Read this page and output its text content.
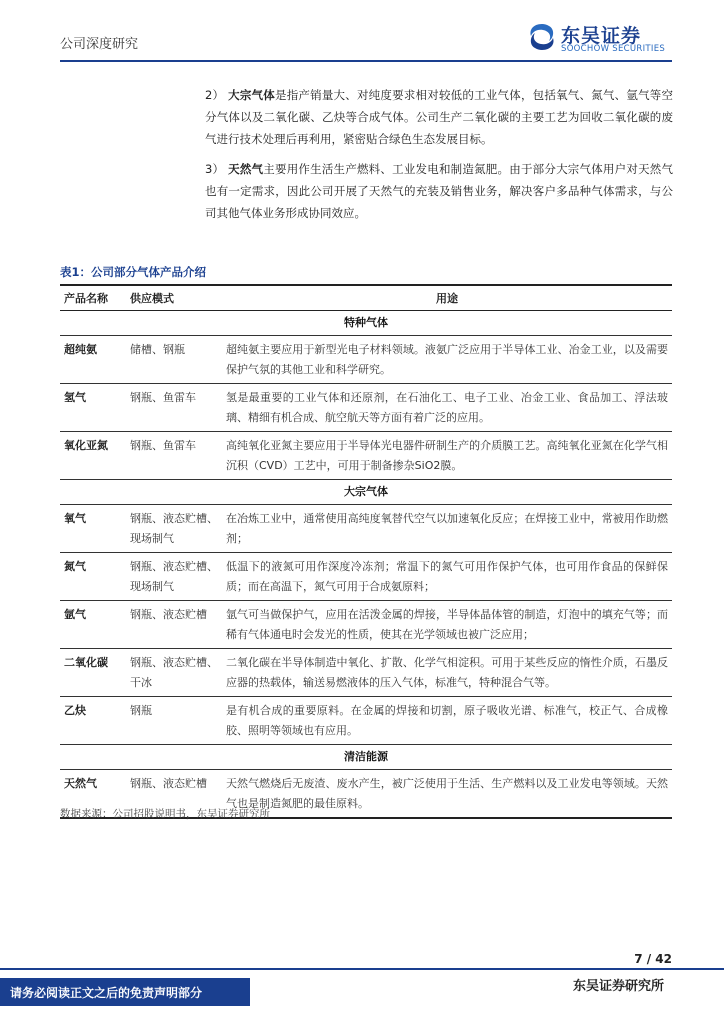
公司深度研究	SCS 东吴证券
SOOCHOW SECURITIES
2） 大宗气体是指产销量大、对纯度要求相对较低的工业气体，包括氧气、氮气、氩气等空分气体以及二氧化碳、乙炔等合成气体。公司生产二氧化碳的主要工艺为回收二氧化碳的废气进行技术处理后再利用，紧密贴合绿色生态发展目标。
3） 天然气主要用作生活生产燃料、工业发电和制造氮肥。由于部分大宗气体用户对天然气也有一定需求，因此公司开展了天然气的充装及销售业务，解决客户多品种气体需求，与公司其他气体业务形成协同效应。
表1：公司部分气体产品介绍
产品名称	供应模式	用途
特种气体		
超纯氨	储槽、钢瓶	超纯氨主要应用于新型光电子材料领域。液氨广泛应用于半导体工业、冶金工业，以及需要保护气氛的其他工业和科学研究。
氢气	钢瓶、鱼雷车	氢是最重要的工业气体和还原剂，在石油化工、电子工业、冶金工业、食品加工、浮法玻璃、精细有机合成、航空航天等方面有着广泛的应用。
氧化亚氮	钢瓶、鱼雷车	高纯氧化亚氮主要应用于半导体光电器件研制生产的介质膜工艺。高纯氧化亚氮在化学气相沉积（CVD）工艺中，可用于制备掺杂SiO2膜。
大宗气体		
氧气	钢瓶、液态贮槽、现场制气	在冶炼工业中，通常使用高纯度氧替代空气以加速氧化反应；在焊接工业中，常被用作助燃剂；
氮气	钢瓶、液态贮槽、现场制气	低温下的液氮可用作深度冷冻剂；常温下的氮气可用作保护气体，也可用作食品的保鲜保质；而在高温下，氮气可用于合成氨原料；
氩气	钢瓶、液态贮槽	氩气可当做保护气，应用在活泼金属的焊接，半导体晶体管的制造，灯泡中的填充气等；而稀有气体通电时会发光的性质，使其在光学领域也被广泛应用；
二氧化碳	钢瓶、液态贮槽、干冰	二氧化碳在半导体制造中氧化、扩散、化学气相淀积。可用于某些反应的惰性介质，石墨反应器的热载体，输送易燃液体的压入气体，标准气，特种混合气等。
乙炔	钢瓶	是有机合成的重要原料。在金属的焊接和切割，原子吸收光谱、标准气，校正气、合成橡胶、照明等领域也有应用。
清洁能源		
天然气	钢瓶、液态贮槽	天然气燃烧后无废渣、废水产生，被广泛使用于生活、生产燃料以及工业发电等领域。天然气也是制造氮肥的最佳原料。
数据来源：公司招股说明书，东吴证券研究所
7 / 42
请务必阅读正文之后的免责声明部分	东吴证券研究所
